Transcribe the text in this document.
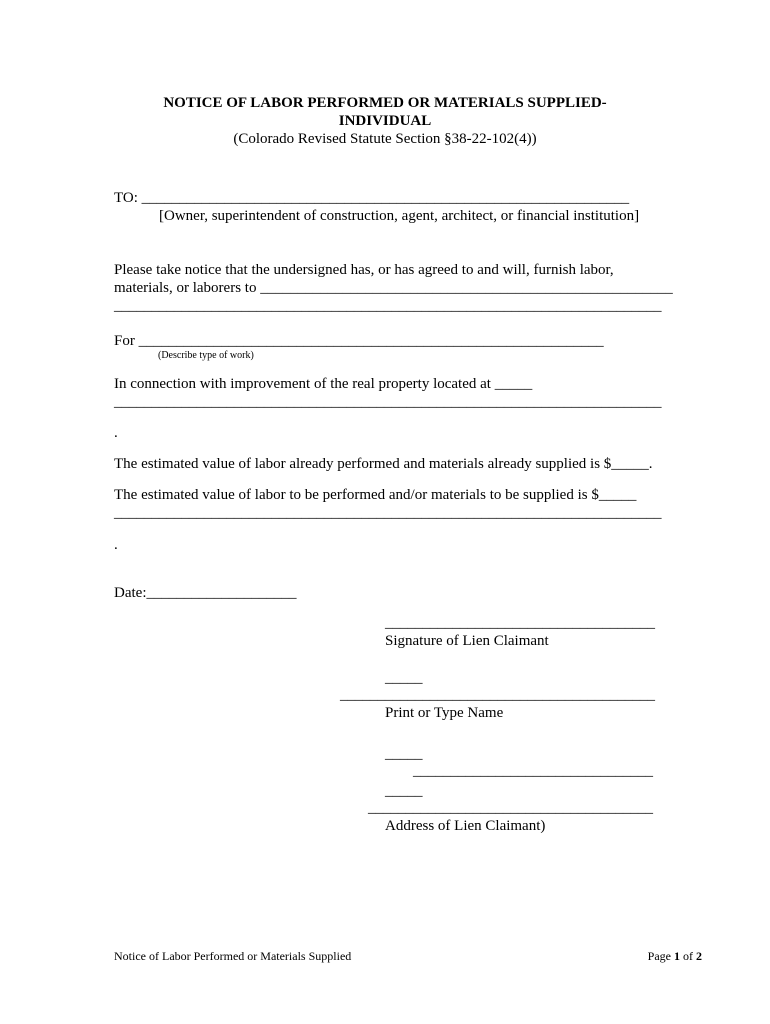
NOTICE OF LABOR PERFORMED OR MATERIALS SUPPLIED-
INDIVIDUAL
(Colorado Revised Statute Section §38-22-102(4))
TO: _________________________________________________________________
[Owner, superintendent of construction, agent, architect, or financial institution]
Please take notice that the undersigned has, or has agreed to and will, furnish labor,
materials, or laborers to _______________________________________________________
_________________________________________________________________________
For ______________________________________________________________
(Describe type of work)
In connection with improvement of the real property located at _____
_________________________________________________________________________
.
The estimated value of labor already performed and materials already supplied is $_____.
The estimated value of labor to be performed and/or materials to be supplied is $_____
_________________________________________________________________________
.
Date:____________________
____________________________________
Signature of Lien Claimant
_____
__________________________________________
Print or Type Name
_____
________________________________
_____
______________________________________
Address of Lien Claimant)
Notice of Labor Performed or Materials Supplied	Page 1 of 2
